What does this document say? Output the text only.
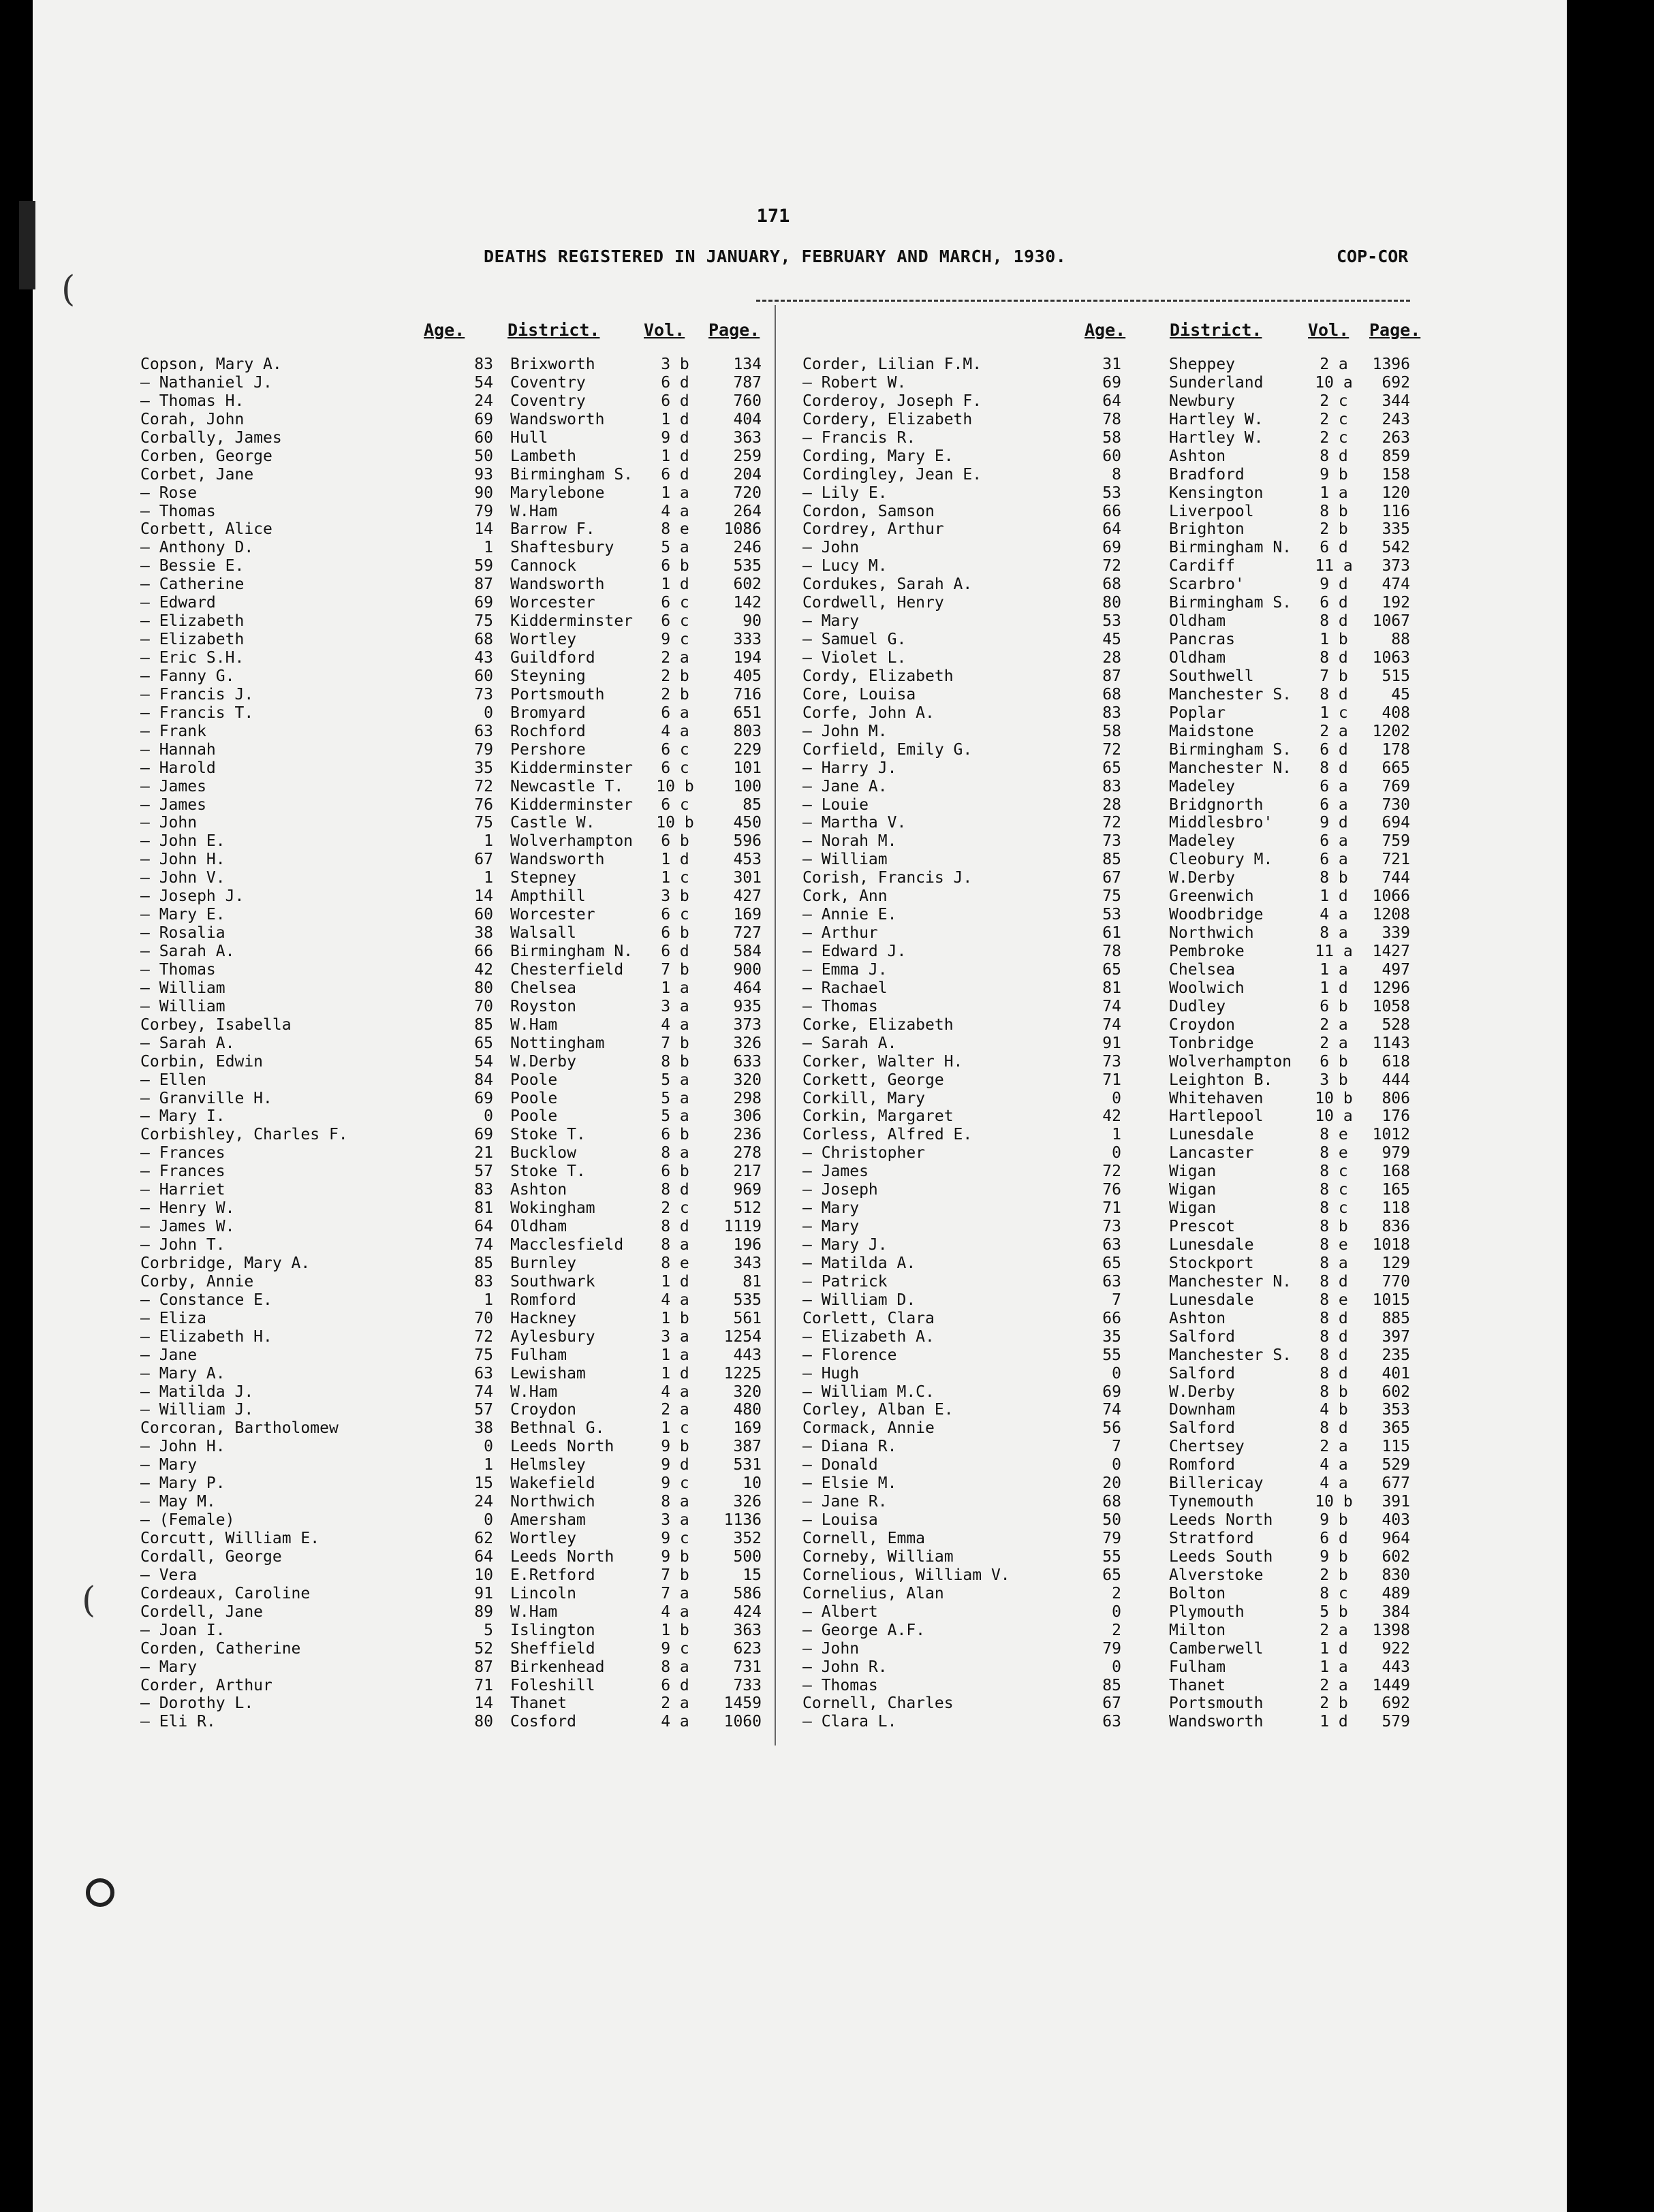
(
(
171
DEATHS REGISTERED IN JANUARY, FEBRUARY AND MARCH, 1930.	COP-COR
Age.	District.	Vol. Page.	Age.	District.	Vol. Page.
Copson, Mary A.	83 Brixworth	3 b	134
— Nathaniel J.	54 Coventry	6 d	787
— Thomas H.	24 Coventry	6 d	760
Corah, John	69 Wandsworth	1 d	404
Corbally, James	60 Hull	9 d	363
Corben, George	50 Lambeth	1 d	259
Corbet, Jane	93 Birmingham S.	6 d	204
— Rose	90 Marylebone	1 a	720
— Thomas	79 W.Ham	4 a	264
Corbett, Alice	14 Barrow F.	8 e	1086
— Anthony D.	1 Shaftesbury	5 a	246
— Bessie E.	59 Cannock	6 b	535
— Catherine	87 Wandsworth	1 d	602
— Edward	69 Worcester	6 c	142
— Elizabeth	75 Kidderminster	6 c	90
— Elizabeth	68 Wortley	9 c	333
— Eric S.H.	43 Guildford	2 a	194
— Fanny G.	60 Steyning	2 b	405
— Francis J.	73 Portsmouth	2 b	716
— Francis T.	0 Bromyard	6 a	651
— Frank	63 Rochford	4 a	803
— Hannah	79 Pershore	6 c	229
— Harold	35 Kidderminster	6 c	101
— James	72 Newcastle T.	10 b	100
— James	76 Kidderminster	6 c	85
— John	75 Castle W.	10 b	450
— John E.	1 Wolverhampton	6 b	596
— John H.	67 Wandsworth	1 d	453
— John V.	1 Stepney	1 c	301
— Joseph J.	14 Ampthill	3 b	427
— Mary E.	60 Worcester	6 c	169
— Rosalia	38 Walsall	6 b	727
— Sarah A.	66 Birmingham N.	6 d	584
— Thomas	42 Chesterfield	7 b	900
— William	80 Chelsea	1 a	464
— William	70 Royston	3 a	935
Corbey, Isabella	85 W.Ham	4 a	373
— Sarah A.	65 Nottingham	7 b	326
Corbin, Edwin	54 W.Derby	8 b	633
— Ellen	84 Poole	5 a	320
— Granville H.	69 Poole	5 a	298
— Mary I.	0 Poole	5 a	306
Corbishley, Charles F.	69 Stoke T.	6 b	236
— Frances	21 Bucklow	8 a	278
— Frances	57 Stoke T.	6 b	217
— Harriet	83 Ashton	8 d	969
— Henry W.	81 Wokingham	2 c	512
— James W.	64 Oldham	8 d	1119
— John T.	74 Macclesfield	8 a	196
Corbridge, Mary A.	85 Burnley	8 e	343
Corby, Annie	83 Southwark	1 d	81
— Constance E.	1 Romford	4 a	535
— Eliza	70 Hackney	1 b	561
— Elizabeth H.	72 Aylesbury	3 a	1254
— Jane	75 Fulham	1 a	443
— Mary A.	63 Lewisham	1 d	1225
— Matilda J.	74 W.Ham	4 a	320
— William J.	57 Croydon	2 a	480
Corcoran, Bartholomew	38 Bethnal G.	1 c	169
— John H.	0 Leeds North	9 b	387
— Mary	1 Helmsley	9 d	531
— Mary P.	15 Wakefield	9 c	10
— May M.	24 Northwich	8 a	326
— (Female)	0 Amersham	3 a	1136
Corcutt, William E.	62 Wortley	9 c	352
Cordall, George	64 Leeds North	9 b	500
— Vera	10 E.Retford	7 b	15
Cordeaux, Caroline	91 Lincoln	7 a	586
Cordell, Jane	89 W.Ham	4 a	424
— Joan I.	5 Islington	1 b	363
Corden, Catherine	52 Sheffield	9 c	623
— Mary	87 Birkenhead	8 a	731
Corder, Arthur	71 Foleshill	6 d	733
— Dorothy L.	14 Thanet	2 a	1459
— Eli R.	80 Cosford	4 a	1060
Corder, Lilian F.M.	31	Sheppey	2 a	1396
— Robert W.	69	Sunderland	10 a	692
Corderoy, Joseph F.	64	Newbury	2 c	344
Cordery, Elizabeth	78	Hartley W.	2 c	243
— Francis R.	58	Hartley W.	2 c	263
Cording, Mary E.	60	Ashton	8 d	859
Cordingley, Jean E.	8	Bradford	9 b	158
— Lily E.	53	Kensington	1 a	120
Cordon, Samson	66	Liverpool	8 b	116
Cordrey, Arthur	64	Brighton	2 b	335
— John	69	Birmingham N.	6 d	542
— Lucy M.	72	Cardiff	11 a	373
Cordukes, Sarah A.	68	Scarbro'	9 d	474
Cordwell, Henry	80	Birmingham S.	6 d	192
— Mary	53	Oldham	8 d	1067
— Samuel G.	45	Pancras	1 b	88
— Violet L.	28	Oldham	8 d	1063
Cordy, Elizabeth	87	Southwell	7 b	515
Core, Louisa	68	Manchester S.	8 d	45
Corfe, John A.	83	Poplar	1 c	408
— John M.	58	Maidstone	2 a	1202
Corfield, Emily G.	72	Birmingham S.	6 d	178
— Harry J.	65	Manchester N.	8 d	665
— Jane A.	83	Madeley	6 a	769
— Louie	28	Bridgnorth	6 a	730
— Martha V.	72	Middlesbro'	9 d	694
— Norah M.	73	Madeley	6 a	759
— William	85	Cleobury M.	6 a	721
Corish, Francis J.	67	W.Derby	8 b	744
Cork, Ann	75	Greenwich	1 d	1066
— Annie E.	53	Woodbridge	4 a	1208
— Arthur	61	Northwich	8 a	339
— Edward J.	78	Pembroke	11 a	1427
— Emma J.	65	Chelsea	1 a	497
— Rachael	81	Woolwich	1 d	1296
— Thomas	74	Dudley	6 b	1058
Corke, Elizabeth	74	Croydon	2 a	528
— Sarah A.	91	Tonbridge	2 a	1143
Corker, Walter H.	73	Wolverhampton	6 b	618
Corkett, George	71	Leighton B.	3 b	444
Corkill, Mary	0	Whitehaven	10 b	806
Corkin, Margaret	42	Hartlepool	10 a	176
Corless, Alfred E.	1	Lunesdale	8 e	1012
— Christopher	0	Lancaster	8 e	979
— James	72	Wigan	8 c	168
— Joseph	76	Wigan	8 c	165
— Mary	71	Wigan	8 c	118
— Mary	73	Prescot	8 b	836
— Mary J.	63	Lunesdale	8 e	1018
— Matilda A.	65	Stockport	8 a	129
— Patrick	63	Manchester N.	8 d	770
— William D.	7	Lunesdale	8 e	1015
Corlett, Clara	66	Ashton	8 d	885
— Elizabeth A.	35	Salford	8 d	397
— Florence	55	Manchester S.	8 d	235
— Hugh	0	Salford	8 d	401
— William M.C.	69	W.Derby	8 b	602
Corley, Alban E.	74	Downham	4 b	353
Cormack, Annie	56	Salford	8 d	365
— Diana R.	7	Chertsey	2 a	115
— Donald	0	Romford	4 a	529
— Elsie M.	20	Billericay	4 a	677
— Jane R.	68	Tynemouth	10 b	391
— Louisa	50	Leeds North	9 b	403
Cornell, Emma	79	Stratford	6 d	964
Corneby, William	55	Leeds South	9 b	602
Cornelious, William V.	65	Alverstoke	2 b	830
Cornelius, Alan	2	Bolton	8 c	489
— Albert	0	Plymouth	5 b	384
— George A.F.	2	Milton	2 a	1398
— John	79	Camberwell	1 d	922
— John R.	0	Fulham	1 a	443
— Thomas	85	Thanet	2 a	1449
Cornell, Charles	67	Portsmouth	2 b	692
— Clara L.	63	Wandsworth	1 d	579
